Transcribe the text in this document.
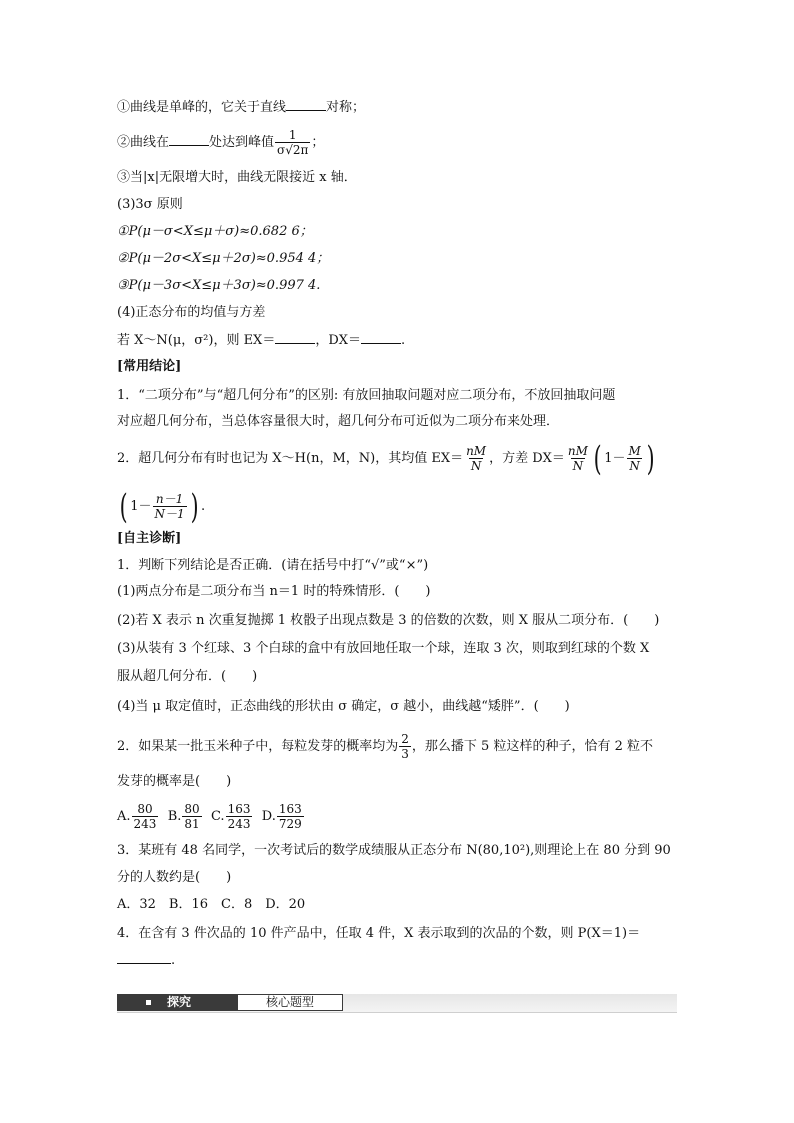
①曲线是单峰的，它关于直线	对称；
②曲线在	处达到峰值 $\frac{1}{\sigma√2\pi}$ ；
③当|x|无限增大时，曲线无限接近 x 轴．
(3)3σ 原则
①P(μ－σ<X≤μ＋σ)≈0.682 6；
②P(μ－2σ<X≤μ＋2σ)≈0.954 4；
③P(μ－3σ<X≤μ＋3σ)≈0.997 4.
(4)正态分布的均值与方差
若 X～N(μ，σ²)，则 EX＝	，DX＝	.
[常用结论]
1．“二项分布”与“超几何分布”的区别: 有放回抽取问题对应二项分布，不放回抽取问题
对应超几何分布，当总体容量很大时，超几何分布可近似为二项分布来处理．
2．超几何分布有时也记为 X～H(n，M，N)，其均值 $EX= \frac{nM}{N}$ ，方差 $DX= \frac{nM}{N}$ ( $1- \frac{M}{N}$ )
( $1- \frac{n-1}{N-1}$ ) .
[自主诊断]
1．判断下列结论是否正确．(请在括号中打“√”或“×”)
(1)两点分布是二项分布当 n＝1 时的特殊情形．(　　)
(2)若 X 表示 n 次重复抛掷 1 枚骰子出现点数是 3 的倍数的次数，则 X 服从二项分布．(　　)
(3)从装有 3 个红球、3 个白球的盒中有放回地任取一个球，连取 3 次，则取到红球的个数 X
服从超几何分布．(　　)
(4)当 μ 取定值时，正态曲线的形状由 σ 确定，σ 越小，曲线越“矮胖”．(　　)
2．如果某一批玉米种子中，每粒发芽的概率均为 $\frac{2}{3}$ ，那么播下 5 粒这样的种子，恰有 2 粒不
发芽的概率是(　　)
A. $\frac{80}{243} B$. $\frac{80}{81} C$. $\frac{163}{243} D$. $\frac{163}{729}$
3．某班有 48 名同学，一次考试后的数学成绩服从正态分布 N(80,10²),则理论上在 80 分到 90
分的人数约是(　　)
A．32　B．16　C．8　D．20
4．在含有 3 件次品的 10 件产品中，任取 4 件，X 表示取到的次品的个数，则 P(X＝1)＝
.
探究	核心题型
